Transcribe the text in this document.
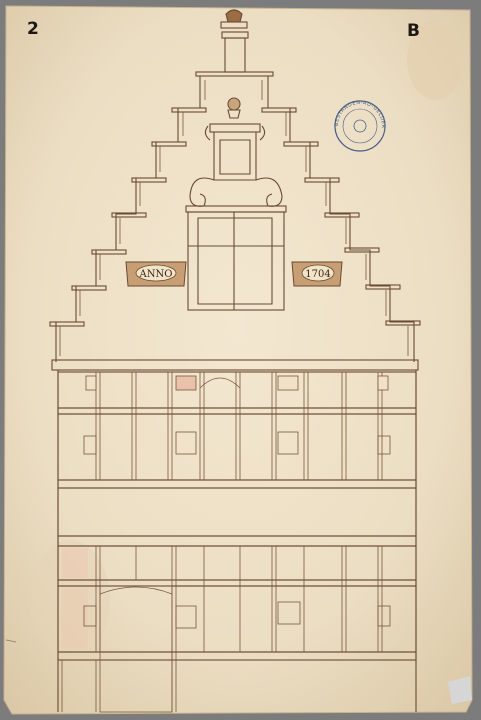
ANNO	1704
BESTANDEN-AD-GELDER
2	B
